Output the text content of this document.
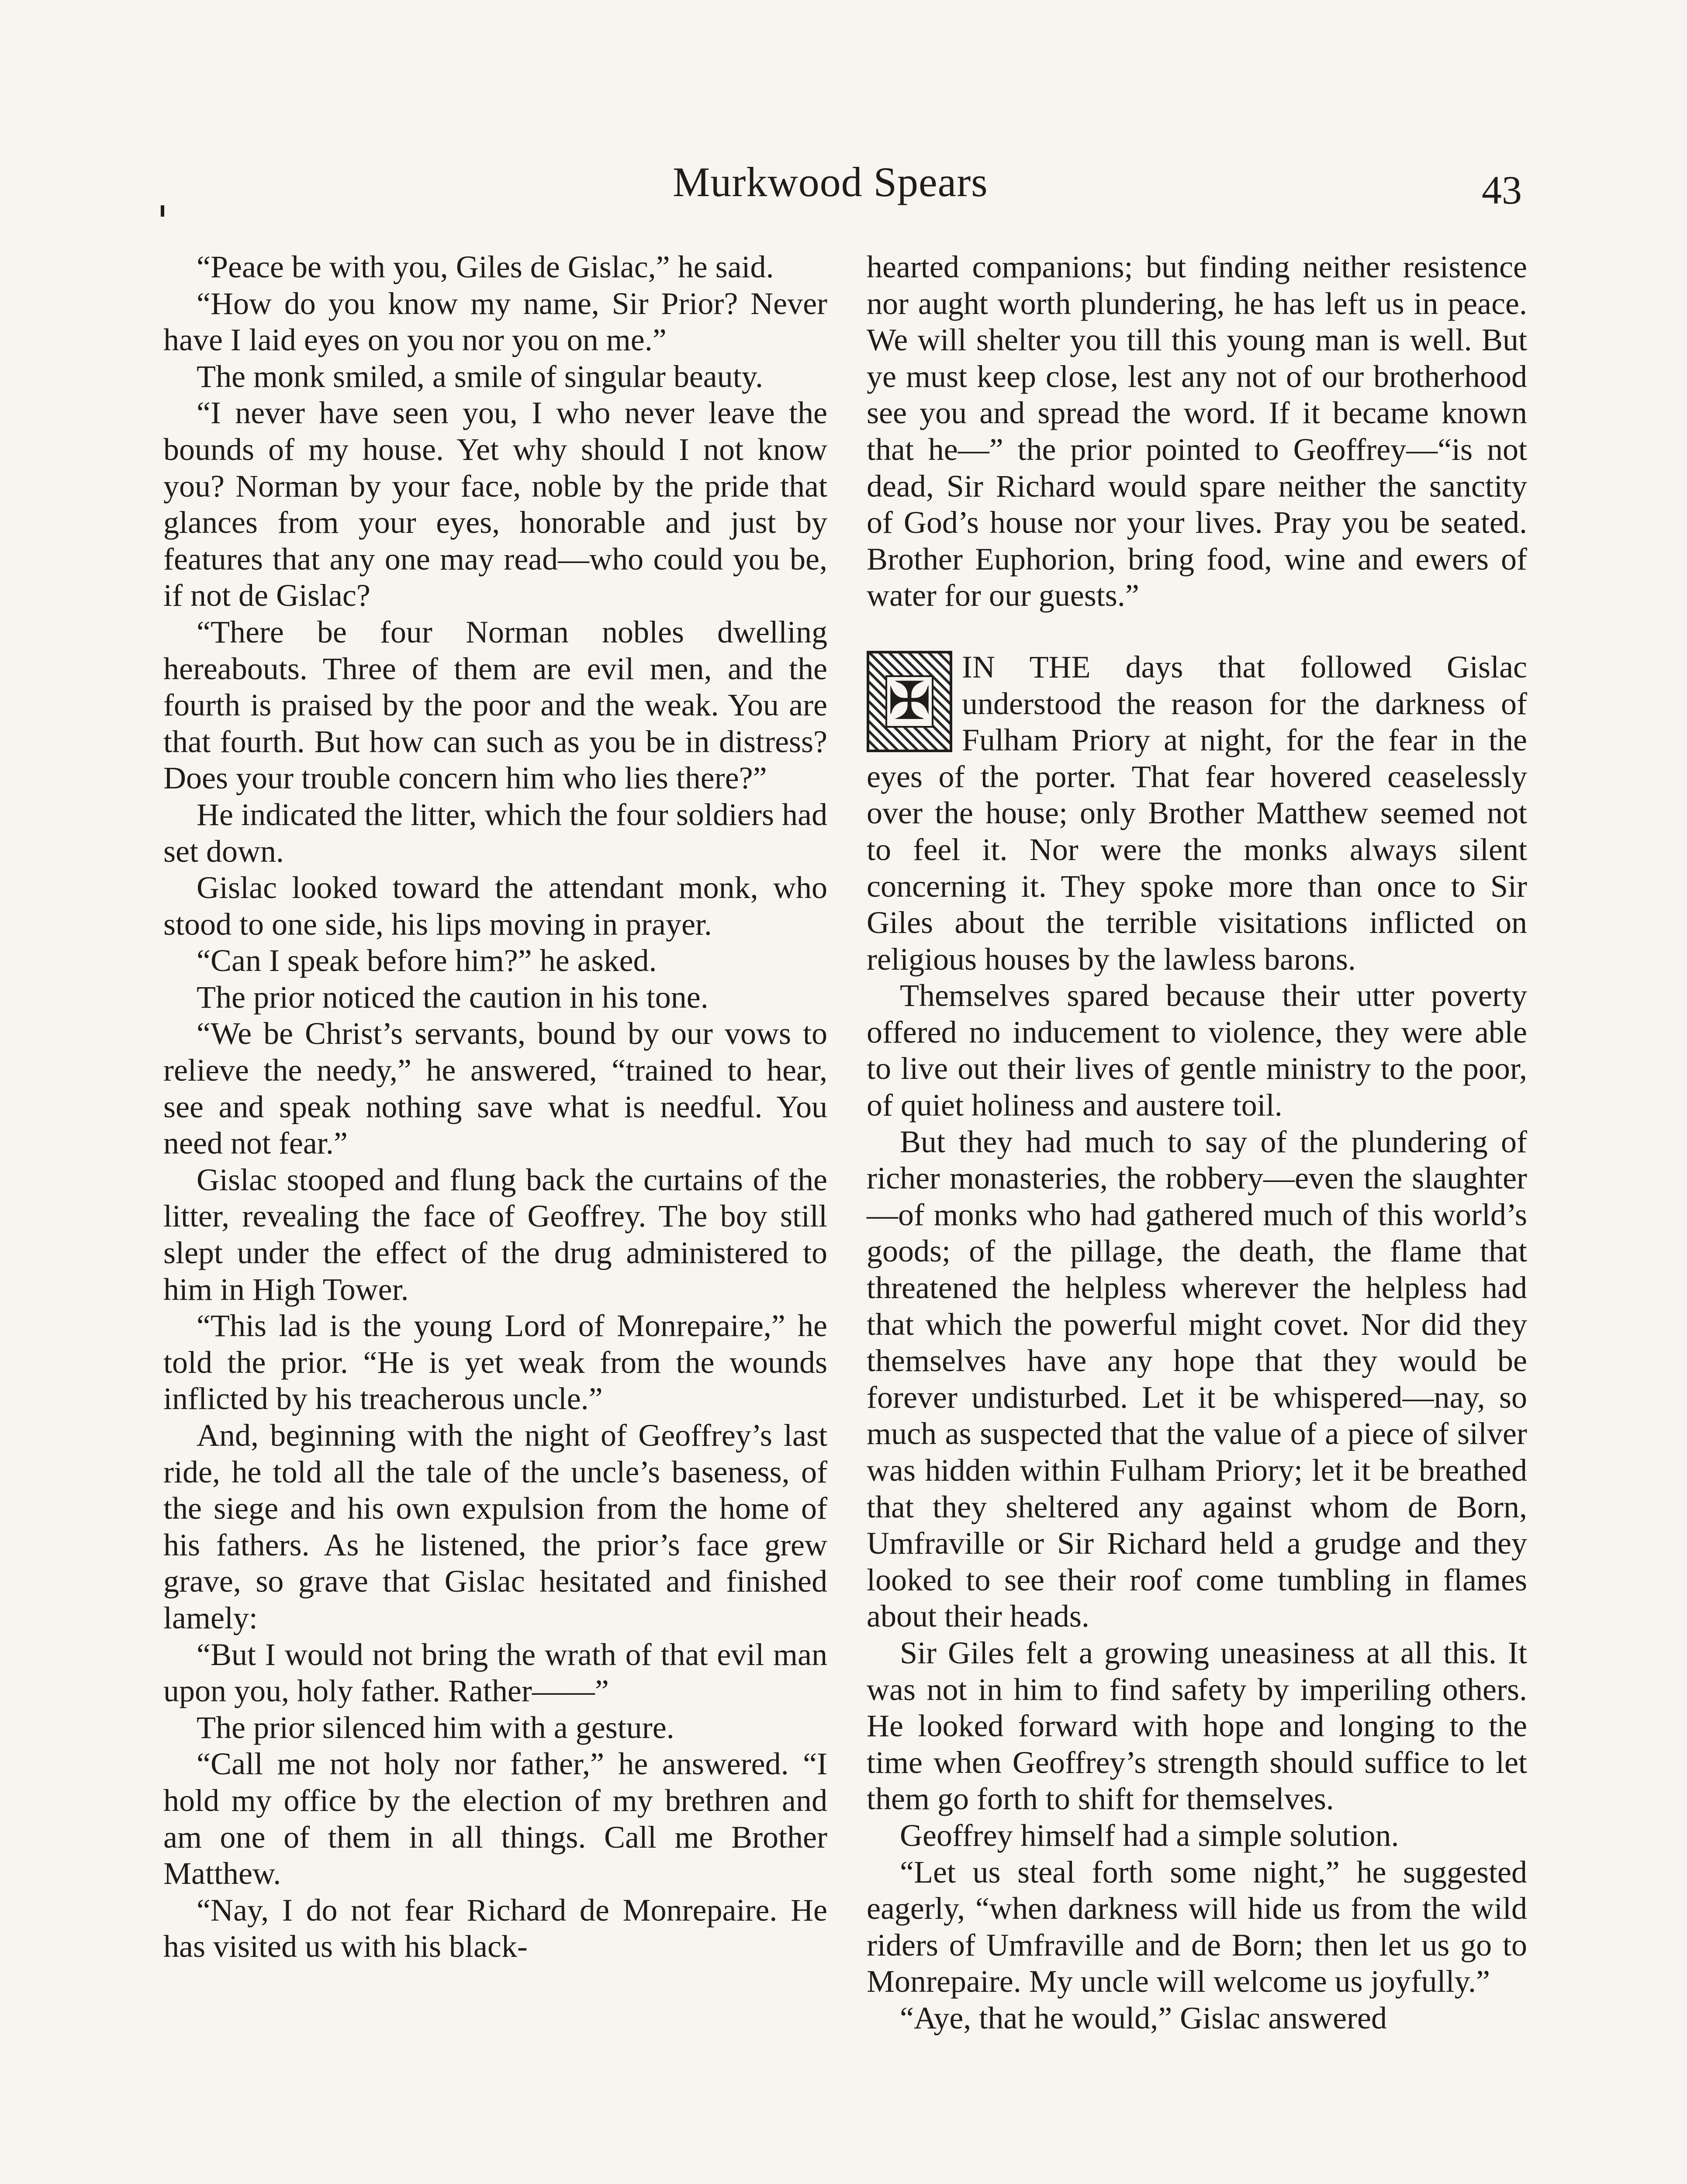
Murkwood Spears	43

“Peace be with you, Giles de Gislac,” he said.

“How do you know my name, Sir Prior? Never have I laid eyes on you nor you on me.”

The monk smiled, a smile of singular beauty.

“I never have seen you, I who never leave the bounds of my house. Yet why should I not know you? Norman by your face, noble by the pride that glances from your eyes, honorable and just by features that any one may read—who could you be, if not de Gislac?

“There be four Norman nobles dwelling hereabouts. Three of them are evil men, and the fourth is praised by the poor and the weak. You are that fourth. But how can such as you be in distress? Does your trouble concern him who lies there?”

He indicated the litter, which the four soldiers had set down.

Gislac looked toward the attendant monk, who stood to one side, his lips moving in prayer.

“Can I speak before him?” he asked.

The prior noticed the caution in his tone.

“We be Christ’s servants, bound by our vows to relieve the needy,” he answered, “trained to hear, see and speak nothing save what is needful. You need not fear.”

Gislac stooped and flung back the curtains of the litter, revealing the face of Geoffrey. The boy still slept under the effect of the drug administered to him in High Tower.

“This lad is the young Lord of Monrepaire,” he told the prior. “He is yet weak from the wounds inflicted by his treacherous uncle.”

And, beginning with the night of Geoffrey’s last ride, he told all the tale of the uncle’s baseness, of the siege and his own expulsion from the home of his fathers. As he listened, the prior’s face grew grave, so grave that Gislac hesitated and finished lamely:

“But I would not bring the wrath of that evil man upon you, holy father. Rather——”

The prior silenced him with a gesture.

“Call me not holy nor father,” he answered. “I hold my office by the election of my brethren and am one of them in all things. Call me Brother Matthew.

“Nay, I do not fear Richard de Monrepaire. He has visited us with his black-

hearted companions; but finding neither resistence nor aught worth plundering, he has left us in peace. We will shelter you till this young man is well. But ye must keep close, lest any not of our brotherhood see you and spread the word. If it became known that he—” the prior pointed to Geoffrey—“is not dead, Sir Richard would spare neither the sanctity of God’s house nor your lives. Pray you be seated. Brother Euphorion, bring food, wine and ewers of water for our guests.”

✠

IN THE days that followed Gislac understood the reason for the darkness of Fulham Priory at night, for the fear in the eyes of the porter. That fear hovered ceaselessly over the house; only Brother Matthew seemed not to feel it. Nor were the monks always silent concerning it. They spoke more than once to Sir Giles about the terrible visitations inflicted on religious houses by the lawless barons.

Themselves spared because their utter poverty offered no inducement to violence, they were able to live out their lives of gentle ministry to the poor, of quiet holiness and austere toil.

But they had much to say of the plundering of richer monasteries, the robbery—even the slaughter—of monks who had gathered much of this world’s goods; of the pillage, the death, the flame that threatened the helpless wherever the helpless had that which the powerful might covet. Nor did they themselves have any hope that they would be forever undisturbed. Let it be whispered—nay, so much as suspected that the value of a piece of silver was hidden within Fulham Priory; let it be breathed that they sheltered any against whom de Born, Umfraville or Sir Richard held a grudge and they looked to see their roof come tumbling in flames about their heads.

Sir Giles felt a growing uneasiness at all this. It was not in him to find safety by imperiling others. He looked forward with hope and longing to the time when Geoffrey’s strength should suffice to let them go forth to shift for themselves.

Geoffrey himself had a simple solution.

“Let us steal forth some night,” he suggested eagerly, “when darkness will hide us from the wild riders of Umfraville and de Born; then let us go to Monrepaire. My uncle will welcome us joyfully.”

“Aye, that he would,” Gislac answered
